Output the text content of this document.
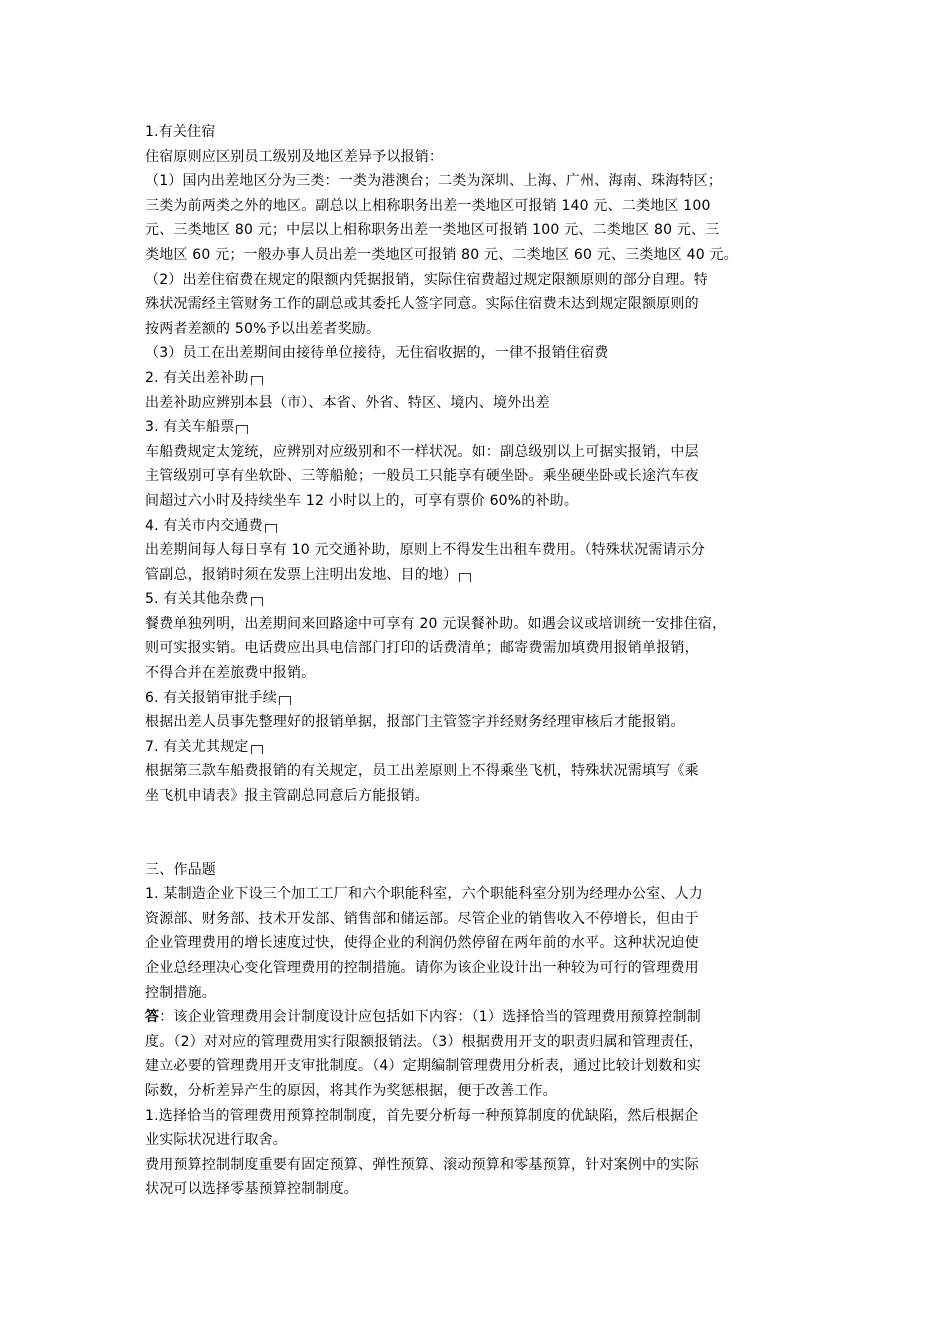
1.有关住宿
住宿原则应区别员工级别及地区差异予以报销：
（1）国内出差地区分为三类：一类为港澳台；二类为深圳、上海、广州、海南、珠海特区；
三类为前两类之外的地区。副总以上相称职务出差一类地区可报销 140 元、二类地区 100
元、三类地区 80 元；中层以上相称职务出差一类地区可报销 100 元、二类地区 80 元、三
类地区 60 元；一般办事人员出差一类地区可报销 80 元、二类地区 60 元、三类地区 40 元。
（2）出差住宿费在规定的限额内凭据报销，实际住宿费超过规定限额原则的部分自理。特
殊状况需经主管财务工作的副总或其委托人签字同意。实际住宿费未达到规定限额原则的
按两者差额的 50%予以出差者奖励。
（3）员工在出差期间由接待单位接待，无住宿收据的，一律不报销住宿费
2. 有关出差补助
出差补助应辨别本县（市）、本省、外省、特区、境内、境外出差
3. 有关车船票
车船费规定太笼统，应辨别对应级别和不一样状况。如：副总级别以上可据实报销，中层
主管级别可享有坐软卧、三等船舱；一般员工只能享有硬坐卧。乘坐硬坐卧或长途汽车夜
间超过六小时及持续坐车 12 小时以上的，可享有票价 60%的补助。
4. 有关市内交通费
出差期间每人每日享有 10 元交通补助，原则上不得发生出租车费用。（特殊状况需请示分
管副总，报销时须在发票上注明出发地、目的地）
5. 有关其他杂费
餐费单独列明，出差期间来回路途中可享有 20 元误餐补助。如遇会议或培训统一安排住宿，
则可实报实销。电话费应出具电信部门打印的话费清单；邮寄费需加填费用报销单报销，
不得合并在差旅费中报销。
6. 有关报销审批手续
根据出差人员事先整理好的报销单据，报部门主管签字并经财务经理审核后才能报销。
7. 有关尤其规定
根据第三款车船费报销的有关规定，员工出差原则上不得乘坐飞机，特殊状况需填写《乘
坐飞机申请表》报主管副总同意后方能报销。
三、作品题
1. 某制造企业下设三个加工工厂和六个职能科室，六个职能科室分别为经理办公室、人力
资源部、财务部、技术开发部、销售部和储运部。尽管企业的销售收入不停增长，但由于
企业管理费用的增长速度过快，使得企业的利润仍然停留在两年前的水平。这种状况迫使
企业总经理决心变化管理费用的控制措施。请你为该企业设计出一种较为可行的管理费用
控制措施。
答：该企业管理费用会计制度设计应包括如下内容：（1）选择恰当的管理费用预算控制制
度。（2）对对应的管理费用实行限额报销法。（3）根据费用开支的职责归属和管理责任，
建立必要的管理费用开支审批制度。（4）定期编制管理费用分析表，通过比较计划数和实
际数，分析差异产生的原因，将其作为奖惩根据，便于改善工作。
1.选择恰当的管理费用预算控制制度，首先要分析每一种预算制度的优缺陷，然后根据企
业实际状况进行取舍。
费用预算控制制度重要有固定预算、弹性预算、滚动预算和零基预算，针对案例中的实际
状况可以选择零基预算控制制度。
